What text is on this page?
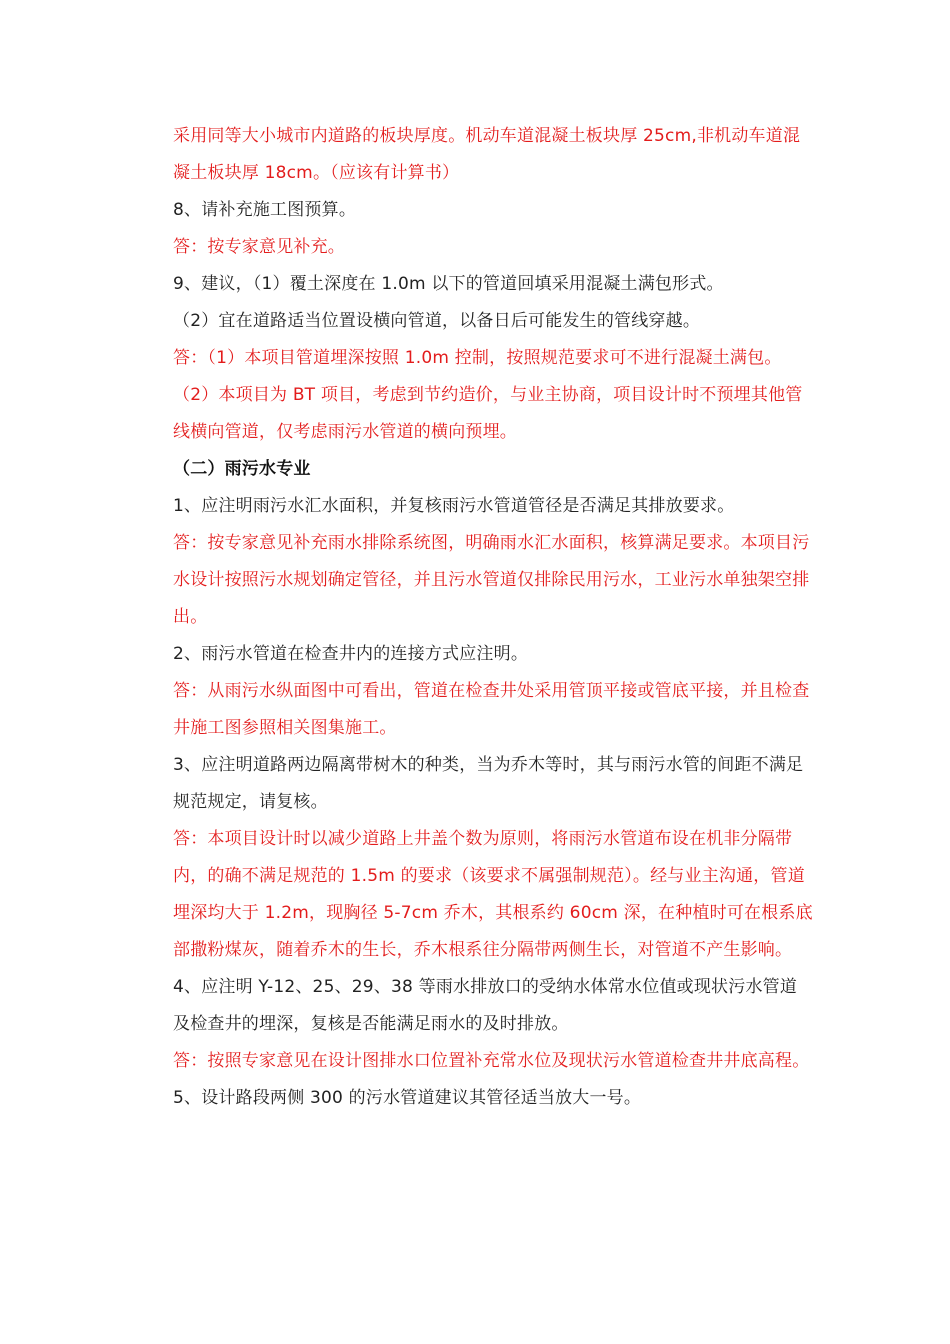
采用同等大小城市内道路的板块厚度。机动车道混凝土板块厚 25cm,非机动车道混凝土板块厚 18cm。（应该有计算书）

8、请补充施工图预算。

答：按专家意见补充。

9、建议，（1）覆土深度在 1.0m 以下的管道回填采用混凝土满包形式。

（2）宜在道路适当位置设横向管道，以备日后可能发生的管线穿越。

答：（1）本项目管道埋深按照 1.0m 控制，按照规范要求可不进行混凝土满包。

（2）本项目为 BT 项目，考虑到节约造价，与业主协商，项目设计时不预埋其他管线横向管道，仅考虑雨污水管道的横向预埋。

（二）雨污水专业

1、应注明雨污水汇水面积，并复核雨污水管道管径是否满足其排放要求。

答：按专家意见补充雨水排除系统图，明确雨水汇水面积，核算满足要求。本项目污水设计按照污水规划确定管径，并且污水管道仅排除民用污水，工业污水单独架空排出。

2、雨污水管道在检查井内的连接方式应注明。

答：从雨污水纵面图中可看出，管道在检查井处采用管顶平接或管底平接，并且检查井施工图参照相关图集施工。

3、应注明道路两边隔离带树木的种类，当为乔木等时，其与雨污水管的间距不满足规范规定，请复核。

答：本项目设计时以减少道路上井盖个数为原则，将雨污水管道布设在机非分隔带内，的确不满足规范的 1.5m 的要求（该要求不属强制规范）。经与业主沟通，管道埋深均大于 1.2m，现胸径 5-7cm 乔木，其根系约 60cm 深，在种植时可在根系底部撒粉煤灰，随着乔木的生长，乔木根系往分隔带两侧生长，对管道不产生影响。

4、应注明 Y-12、25、29、38 等雨水排放口的受纳水体常水位值或现状污水管道及检查井的埋深，复核是否能满足雨水的及时排放。

答：按照专家意见在设计图排水口位置补充常水位及现状污水管道检查井井底高程。

5、设计路段两侧 300 的污水管道建议其管径适当放大一号。
